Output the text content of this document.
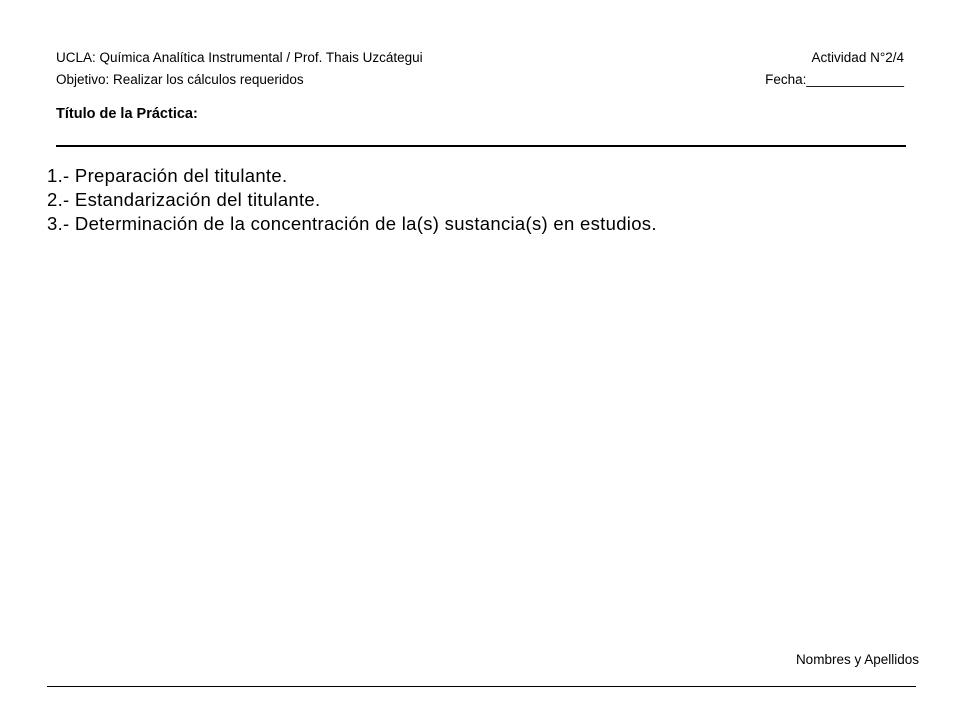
UCLA: Química Analítica Instrumental / Prof. Thais Uzcátegui
Objetivo: Realizar los cálculos requeridos
Actividad N°2/4
Fecha:_____________
Título de la Práctica:
1.- Preparación del titulante.
2.- Estandarización del titulante.
3.- Determinación de la concentración de la(s) sustancia(s) en estudios.
Nombres y Apellidos
